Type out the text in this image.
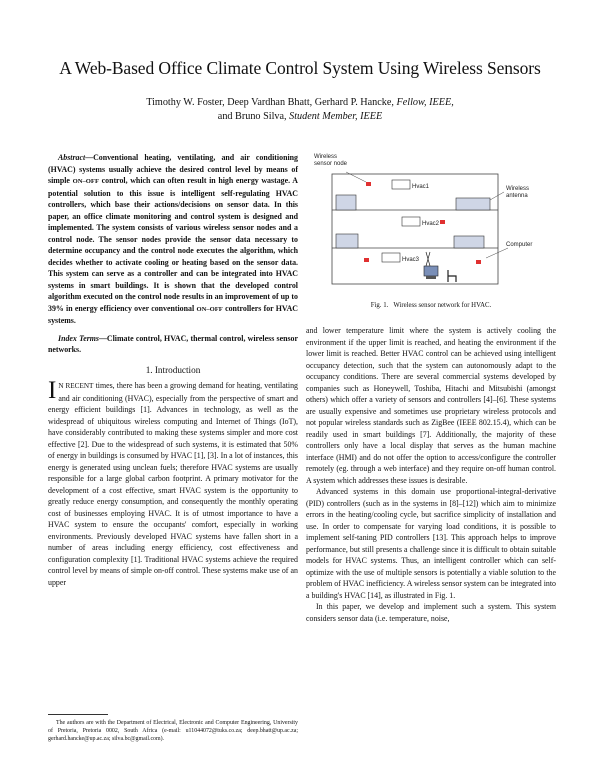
A Web-Based Office Climate Control System Using Wireless Sensors
Timothy W. Foster, Deep Vardhan Bhatt, Gerhard P. Hancke, Fellow, IEEE,
and Bruno Silva, Student Member, IEEE

Abstract—Conventional heating, ventilating, and air conditioning (HVAC) systems usually achieve the desired control level by means of simple ON–OFF control, which can often result in high energy wastage. A potential solution to this issue is intelligent self-regulating HVAC controllers, which base their actions/decisions on sensor data. In this paper, an office climate monitoring and control system is designed and implemented. The system consists of various wireless sensor nodes and a control node. The sensor nodes provide the sensor data necessary to determine occupancy and the control node executes the algorithm, which decides whether to activate cooling or heating based on the sensor data. This system can serve as a controller and can be integrated into HVAC systems in smart buildings. It is shown that the developed control algorithm executed on the control node results in an improvement of up to 39% in energy efficiency over conventional ON–OFF controllers for HVAC systems.

Index Terms—Climate control, HVAC, thermal control, wireless sensor networks.

1. Introduction

I N RECENT times, there has been a growing demand for heating, ventilating and air conditioning (HVAC), especially from the perspective of smart and energy efficient buildings [1]. Advances in technology, as well as the widespread of ubiquitous wireless computing and Internet of Things (IoT), have considerably contributed to making these systems simpler and more cost effective [2]. Due to the widespread of such systems, it is estimated that 50% of energy in buildings is consumed by HVAC [1], [3]. In a lot of instances, this energy is generated using unclean fuels; therefore HVAC systems are usually responsible for a large global carbon footprint. A primary motivator for the development of a cost effective, smart HVAC system is the opportunity to greatly reduce energy consumption, and consequently the monthly operating cost of businesses employing HVAC. It is of utmost importance to have a HVAC system to ensure the occupants' comfort, especially in working environments. Previously developed HVAC systems have fallen short in a number of areas including energy efficiency, cost effectiveness and configuration complexity [1]. Traditional HVAC systems achieve the required control level by means of simple on-off control. These systems make use of an upper

The authors are with the Department of Electrical, Electronic and Computer Engineering, University of Pretoria, Pretoria 0002, South Africa (e-mail: u11044072@tuks.co.za; deep.bhatt@up.ac.za; gerhard.hancke@up.ac.za; silva.bc@gmail.com).
Hvac1
Hvac2
Hvac3
Wireless
sensor node
Wireless
antenna
Computer
Fig. 1. Wireless sensor network for HVAC.

and lower temperature limit where the system is actively cooling the environment if the upper limit is reached, and heating the environment if the lower limit is reached. Better HVAC control can be achieved using intelligent occupancy detection, such that the system can autonomously adapt to the occupancy conditions. There are several commercial systems developed by companies such as Honeywell, Toshiba, Hitachi and Mitsubishi (amongst others) which offer a variety of sensors and controllers [4]–[6]. These systems are usually expensive and sometimes use proprietary wireless protocols and not popular wireless standards such as ZigBee (IEEE 802.15.4), which can be readily used in smart buildings [7]. Additionally, the majority of these controllers only have a local display that serves as the human machine interface (HMI) and do not offer the option to access/configure the controller remotely (eg. through a web interface) and they require on-off human control. A system which addresses these issues is desirable.

Advanced systems in this domain use proportional-integral-derivative (PID) controllers (such as in the systems in [8]–[12]) which aim to minimize errors in the heating/cooling cycle, but sacrifice simplicity of installation and use. In order to compensate for varying load conditions, it is possible to implement self-taning PID controllers [13]. This approach helps to improve performance, but still presents a challenge since it is difficult to obtain suitable models for HVAC systems. Thus, an intelligent controller which can self-optimize with the use of multiple sensors is potentially a viable solution to the problem of HVAC inefficiency. A wireless sensor system can be integrated into a building's HVAC [14], as illustrated in Fig. 1.

In this paper, we develop and implement such a system. This system considers sensor data (i.e. temperature, noise,
